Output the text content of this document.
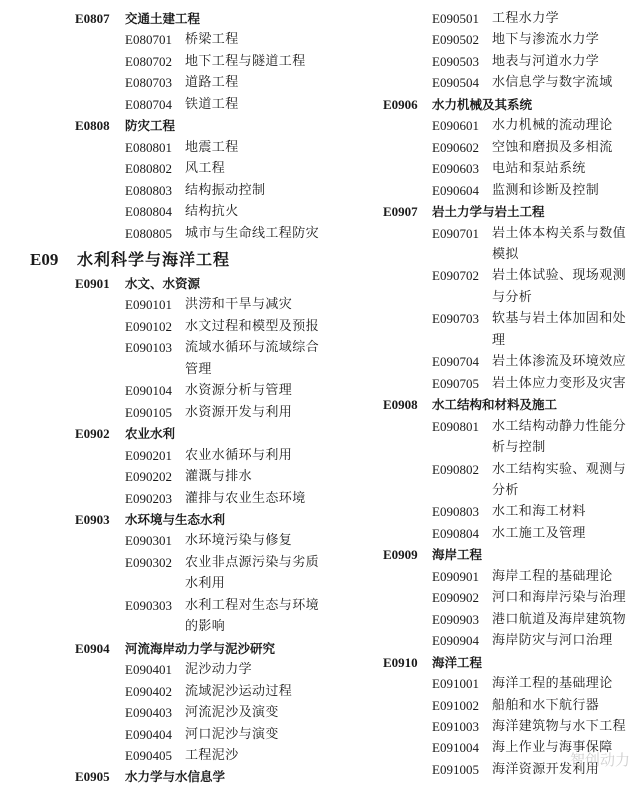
E0807 交通土建工程
E080701 桥梁工程
E080702 地下工程与隧道工程
E080703 道路工程
E080704 铁道工程
E0808 防灾工程
E080801 地震工程
E080802 风工程
E080803 结构振动控制
E080804 结构抗火
E080805 城市与生命线工程防灾
E09 水利科学与海洋工程
E0901 水文、水资源
E090101 洪涝和干旱与减灾
E090102 水文过程和模型及预报
E090103 流域水循环与流域综合管理
E090104 水资源分析与管理
E090105 水资源开发与利用
E0902 农业水利
E090201 农业水循环与利用
E090202 灌溉与排水
E090203 灌排与农业生态环境
E0903 水环境与生态水利
E090301 水环境污染与修复
E090302 农业非点源污染与劣质水利用
E090303 水利工程对生态与环境的影响
E0904 河流海岸动力学与泥沙研究
E090401 泥沙动力学
E090402 流域泥沙运动过程
E090403 河流泥沙及演变
E090404 河口泥沙与演变
E090405 工程泥沙
E0905 水力学与水信息学
E090501 工程水力学
E090502 地下与渗流水力学
E090503 地表与河道水力学
E090504 水信息学与数字流域
E0906 水力机械及其系统
E090601 水力机械的流动理论
E090602 空蚀和磨损及多相流
E090603 电站和泵站系统
E090604 监测和诊断及控制
E0907 岩土力学与岩土工程
E090701 岩土体本构关系与数值模拟
E090702 岩土体试验、现场观测与分析
E090703 软基与岩土体加固和处理
E090704 岩土体渗流及环境效应
E090705 岩土体应力变形及灾害
E0908 水工结构和材料及施工
E090801 水工结构动静力性能分析与控制
E090802 水工结构实验、观测与分析
E090803 水工和海工材料
E090804 水工施工及管理
E0909 海岸工程
E090901 海岸工程的基础理论
E090902 河口和海岸污染与治理
E090903 港口航道及海岸建筑物
E090904 海岸防灾与河口治理
E0910 海洋工程
E091001 海洋工程的基础理论
E091002 船舶和水下航行器
E091003 海洋建筑物与水下工程
E091004 海上作业与海事保障
E091005 海洋资源开发利用
智创动力
